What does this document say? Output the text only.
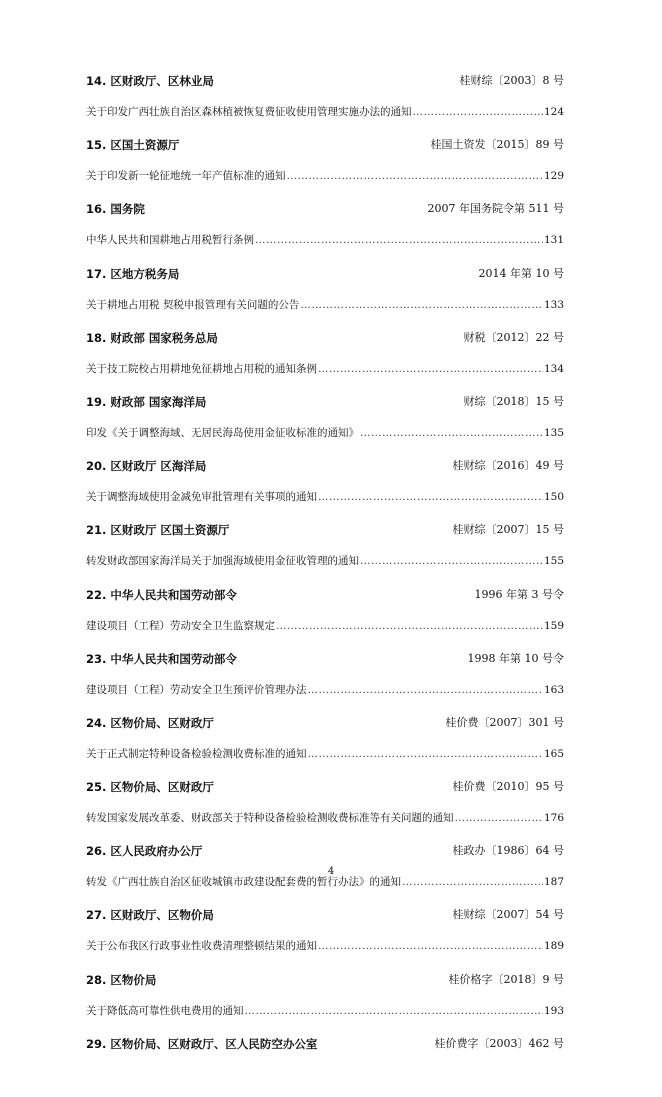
14. 区财政厅、区林业局	桂财综〔2003〕8 号
关于印发广西壮族自治区森林植被恢复费征收使用管理实施办法的通知 ……………………………………………………………………………………………………………………………………………………………………	124
15. 区国土资源厅	桂国土资发〔2015〕89 号
关于印发新一轮征地统一年产值标准的通知 ……………………………………………………………………………………………………………………………………………………………………	129
16. 国务院	2007 年国务院令第 511 号
中华人民共和国耕地占用税暂行条例 ……………………………………………………………………………………………………………………………………………………………………	131
17. 区地方税务局	2014 年第 10 号
关于耕地占用税 契税申报管理有关问题的公告 ……………………………………………………………………………………………………………………………………………………………………	133
18. 财政部 国家税务总局	财税〔2012〕22 号
关于技工院校占用耕地免征耕地占用税的通知条例 ……………………………………………………………………………………………………………………………………………………………………	134
19. 财政部 国家海洋局	财综〔2018〕15 号
印发《关于调整海域、无居民海岛使用金征收标准的通知》 ……………………………………………………………………………………………………………………………………………………………………	135
20. 区财政厅 区海洋局	桂财综〔2016〕49 号
关于调整海域使用金减免审批管理有关事项的通知 ……………………………………………………………………………………………………………………………………………………………………	150
21. 区财政厅 区国土资源厅	桂财综〔2007〕15 号
转发财政部国家海洋局关于加强海域使用金征收管理的通知 ……………………………………………………………………………………………………………………………………………………………………	155
22. 中华人民共和国劳动部令	1996 年第 3 号令
建设项目（工程）劳动安全卫生监察规定 ……………………………………………………………………………………………………………………………………………………………………	159
23. 中华人民共和国劳动部令	1998 年第 10 号令
建设项目（工程）劳动安全卫生预评价管理办法 ……………………………………………………………………………………………………………………………………………………………………	163
24. 区物价局、区财政厅	桂价费〔2007〕301 号
关于正式制定特种设备检验检测收费标准的通知 ……………………………………………………………………………………………………………………………………………………………………	165
25. 区物价局、区财政厅	桂价费〔2010〕95 号
转发国家发展改革委、财政部关于特种设备检验检测收费标准等有关问题的通知 ……………………………………………………………………………………………………………………………………………………………………	176
26. 区人民政府办公厅	桂政办〔1986〕64 号
转发《广西壮族自治区征收城镇市政建设配套费的暂行办法》的通知 ……………………………………………………………………………………………………………………………………………………………………	187
27. 区财政厅、区物价局	桂财综〔2007〕54 号
关于公布我区行政事业性收费清理整顿结果的通知 ……………………………………………………………………………………………………………………………………………………………………	189
28. 区物价局	桂价格字〔2018〕9 号
关于降低高可靠性供电费用的通知 ……………………………………………………………………………………………………………………………………………………………………	193
29. 区物价局、区财政厅、区人民防空办公室	桂价费字〔2003〕462 号
4
